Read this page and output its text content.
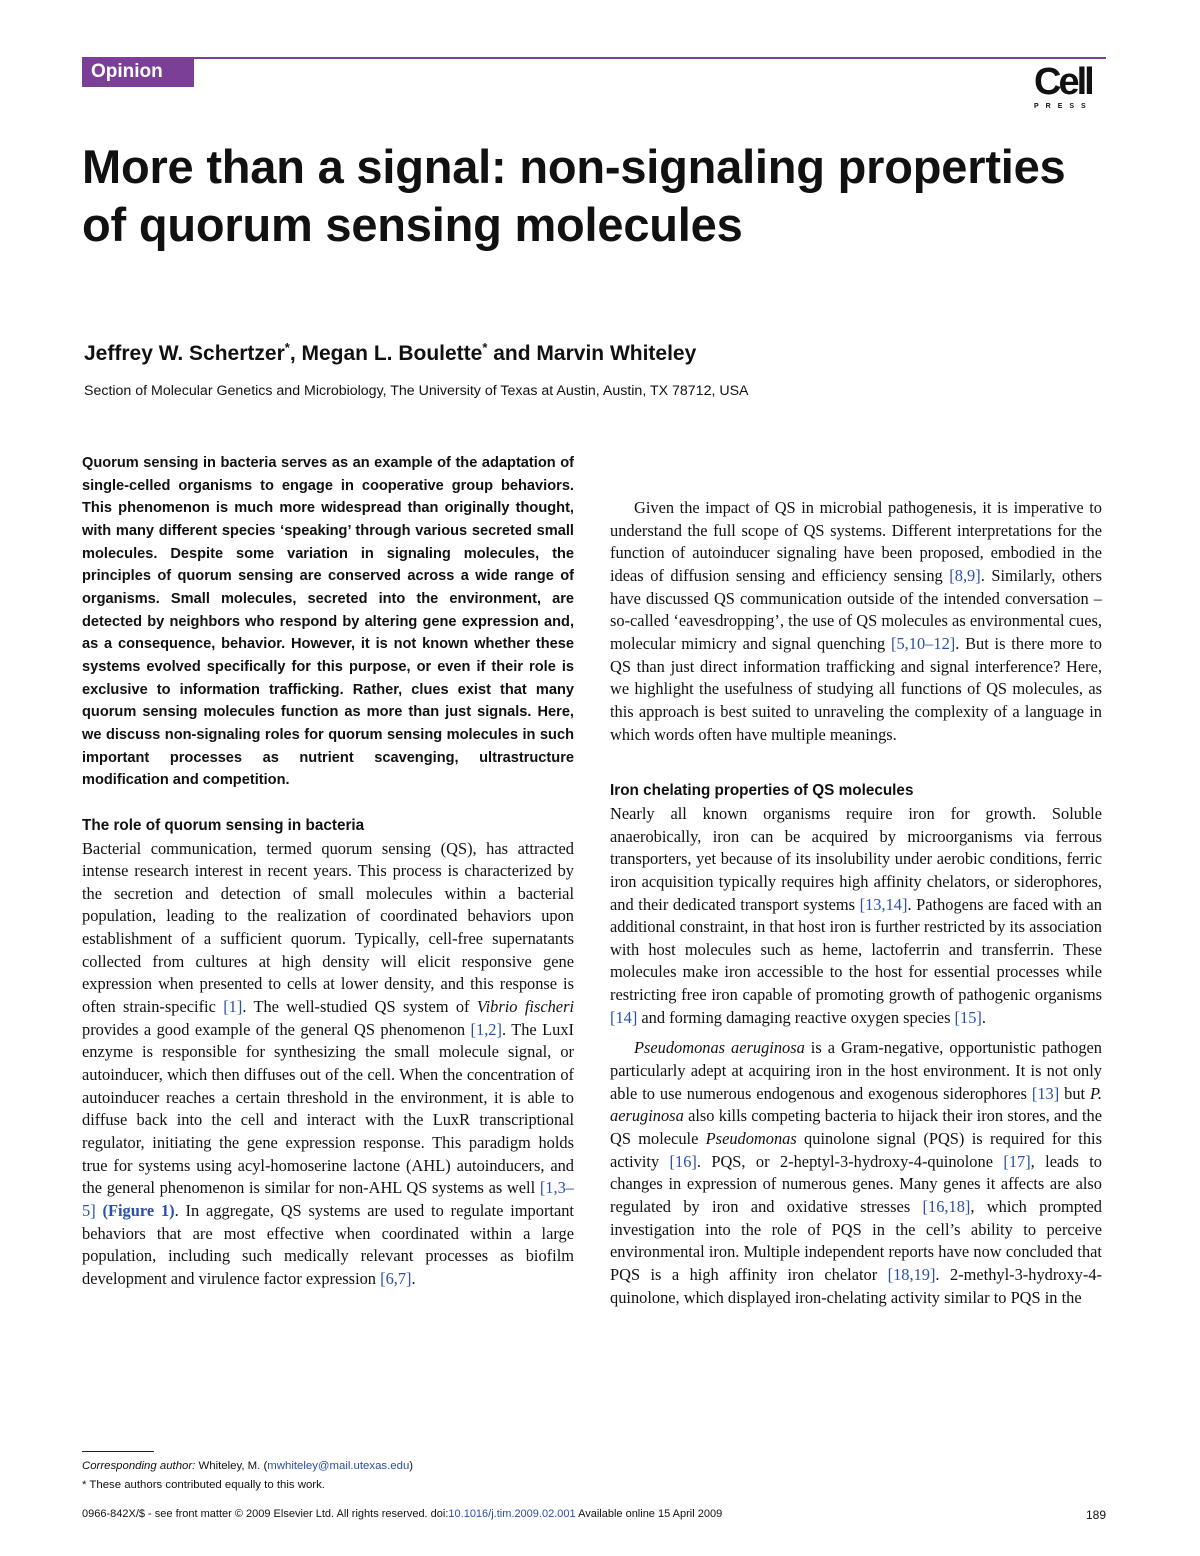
Opinion	Cell
PRESS
More than a signal: non-signaling properties of quorum sensing molecules
Jeffrey W. Schertzer*, Megan L. Boulette* and Marvin Whiteley
Section of Molecular Genetics and Microbiology, The University of Texas at Austin, Austin, TX 78712, USA

Quorum sensing in bacteria serves as an example of the adaptation of single-celled organisms to engage in cooperative group behaviors. This phenomenon is much more widespread than originally thought, with many different species ‘speaking’ through various secreted small molecules. Despite some variation in signaling molecules, the principles of quorum sensing are conserved across a wide range of organisms. Small molecules, secreted into the environment, are detected by neighbors who respond by altering gene expression and, as a consequence, behavior. However, it is not known whether these systems evolved specifically for this purpose, or even if their role is exclusive to information trafficking. Rather, clues exist that many quorum sensing molecules function as more than just signals. Here, we discuss non-signaling roles for quorum sensing molecules in such important processes as nutrient scavenging, ultrastructure modification and competition.

The role of quorum sensing in bacteria

Bacterial communication, termed quorum sensing (QS), has attracted intense research interest in recent years. This process is characterized by the secretion and detection of small molecules within a bacterial population, leading to the realization of coordinated behaviors upon establishment of a sufficient quorum. Typically, cell-free supernatants collected from cultures at high density will elicit responsive gene expression when presented to cells at lower density, and this response is often strain-specific [1]. The well-studied QS system of Vibrio fischeri provides a good example of the general QS phenomenon [1,2]. The LuxI enzyme is responsible for synthesizing the small molecule signal, or autoinducer, which then diffuses out of the cell. When the concentration of autoinducer reaches a certain threshold in the environment, it is able to diffuse back into the cell and interact with the LuxR transcriptional regulator, initiating the gene expression response. This paradigm holds true for systems using acyl-homoserine lactone (AHL) autoinducers, and the general phenomenon is similar for non-AHL QS systems as well [1,3–5] (Figure 1). In aggregate, QS systems are used to regulate important behaviors that are most effective when coordinated within a large population, including such medically relevant processes as biofilm development and virulence factor expression [6,7].

Given the impact of QS in microbial pathogenesis, it is imperative to understand the full scope of QS systems. Different interpretations for the function of autoinducer signaling have been proposed, embodied in the ideas of diffusion sensing and efficiency sensing [8,9]. Similarly, others have discussed QS communication outside of the intended conversation – so-called ‘eavesdropping’, the use of QS molecules as environmental cues, molecular mimicry and signal quenching [5,10–12]. But is there more to QS than just direct information trafficking and signal interference? Here, we highlight the usefulness of studying all functions of QS molecules, as this approach is best suited to unraveling the complexity of a language in which words often have multiple meanings.

Iron chelating properties of QS molecules

Nearly all known organisms require iron for growth. Soluble anaerobically, iron can be acquired by microorganisms via ferrous transporters, yet because of its insolubility under aerobic conditions, ferric iron acquisition typically requires high affinity chelators, or siderophores, and their dedicated transport systems [13,14]. Pathogens are faced with an additional constraint, in that host iron is further restricted by its association with host molecules such as heme, lactoferrin and transferrin. These molecules make iron accessible to the host for essential processes while restricting free iron capable of promoting growth of pathogenic organisms [14] and forming damaging reactive oxygen species [15].

Pseudomonas aeruginosa is a Gram-negative, opportunistic pathogen particularly adept at acquiring iron in the host environment. It is not only able to use numerous endogenous and exogenous siderophores [13] but P. aeruginosa also kills competing bacteria to hijack their iron stores, and the QS molecule Pseudomonas quinolone signal (PQS) is required for this activity [16]. PQS, or 2-heptyl-3-hydroxy-4-quinolone [17], leads to changes in expression of numerous genes. Many genes it affects are also regulated by iron and oxidative stresses [16,18], which prompted investigation into the role of PQS in the cell’s ability to perceive environmental iron. Multiple independent reports have now concluded that PQS is a high affinity iron chelator [18,19]. 2-methyl-3-hydroxy-4-quinolone, which displayed iron-chelating activity similar to PQS in the

Corresponding author: Whiteley, M. (mwhiteley@mail.utexas.edu)
* These authors contributed equally to this work.
0966-842X/$ - see front matter © 2009 Elsevier Ltd. All rights reserved. doi:10.1016/j.tim.2009.02.001 Available online 15 April 2009	189
